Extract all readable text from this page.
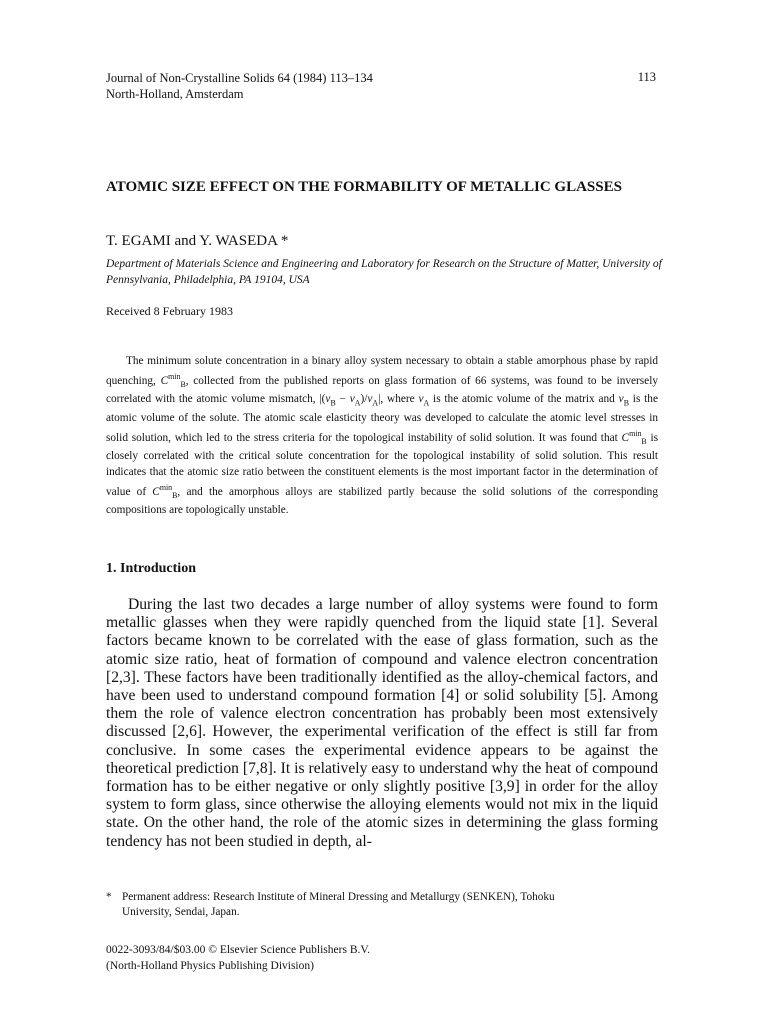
Journal of Non-Crystalline Solids 64 (1984) 113–134
North-Holland, Amsterdam
113
ATOMIC SIZE EFFECT ON THE FORMABILITY OF METALLIC GLASSES
T. EGAMI and Y. WASEDA *
Department of Materials Science and Engineering and Laboratory for Research on the Structure of Matter, University of Pennsylvania, Philadelphia, PA 19104, USA
Received 8 February 1983

The minimum solute concentration in a binary alloy system necessary to obtain a stable amorphous phase by rapid quenching, $C^{min}_B$, collected from the published reports on glass formation of 66 systems, was found to be inversely correlated with the atomic volume mismatch, $|(v_B - v_A)/v_A|$, where $v_A$ is the atomic volume of the matrix and $v_B$ is the atomic volume of the solute. The atomic scale elasticity theory was developed to calculate the atomic level stresses in solid solution, which led to the stress criteria for the topological instability of solid solution. It was found that $C^{min}_B$ is closely correlated with the critical solute concentration for the topological instability of solid solution. This result indicates that the atomic size ratio between the constituent elements is the most important factor in the determination of value of $C^{min}_B$, and the amorphous alloys are stabilized partly because the solid solutions of the corresponding compositions are topologically unstable.

1. Introduction

During the last two decades a large number of alloy systems were found to form metallic glasses when they were rapidly quenched from the liquid state [1]. Several factors became known to be correlated with the ease of glass formation, such as the atomic size ratio, heat of formation of compound and valence electron concentration [2,3]. These factors have been traditionally identified as the alloy-chemical factors, and have been used to understand compound formation [4] or solid solubility [5]. Among them the role of valence electron concentration has probably been most extensively discussed [2,6]. However, the experimental verification of the effect is still far from conclusive. In some cases the experimental evidence appears to be against the theoretical prediction [7,8]. It is relatively easy to understand why the heat of compound formation has to be either negative or only slightly positive [3,9] in order for the alloy system to form glass, since otherwise the alloying elements would not mix in the liquid state. On the other hand, the role of the atomic sizes in determining the glass forming tendency has not been studied in depth, al-

* Permanent address: Research Institute of Mineral Dressing and Metallurgy (SENKEN), Tohoku
University, Sendai, Japan.
0022-3093/84/$03.00 © Elsevier Science Publishers B.V.
(North-Holland Physics Publishing Division)
